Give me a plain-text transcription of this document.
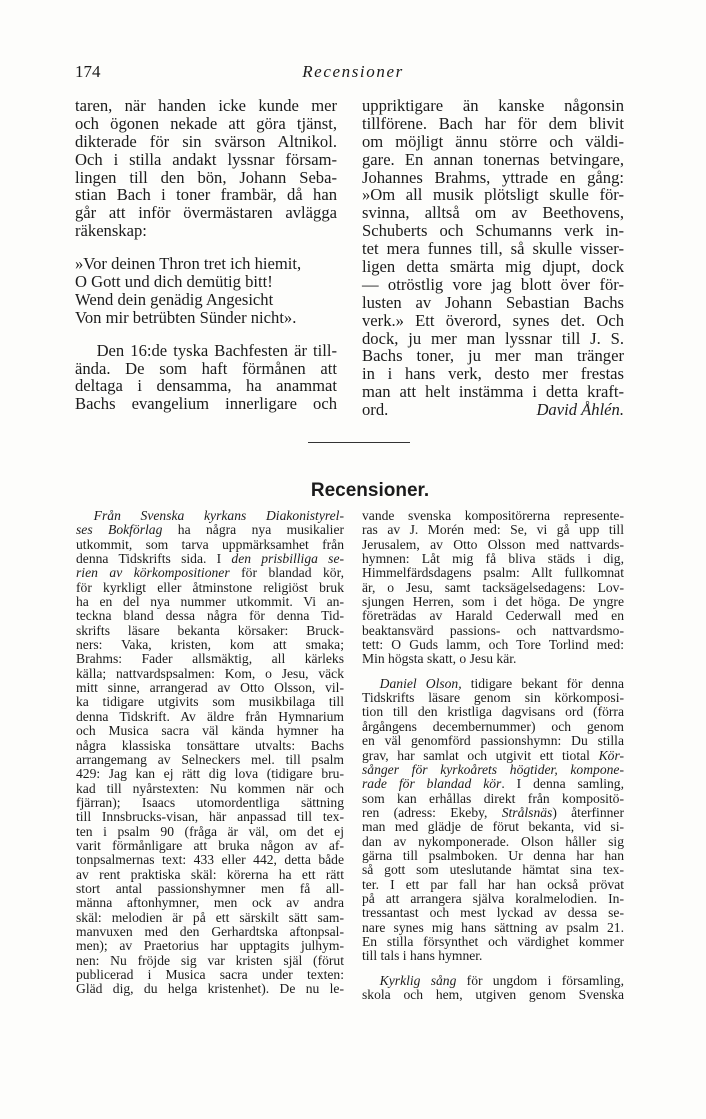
174	Recensioner
taren, när handen icke kunde mer
och ögonen nekade att göra tjänst,
dikterade för sin svärson Altnikol.
Och i stilla andakt lyssnar försam-
lingen till den bön, Johann Seba-
stian Bach i toner frambär, då han
går att inför övermästaren avlägga
räkenskap:
»Vor deinen Thron tret ich hiemit,
O Gott und dich demütig bitt!
Wend dein genädig Angesicht
Von mir betrübten Sünder nicht».
Den 16:de tyska Bachfesten är till-
ända. De som haft förmånen att
deltaga i densamma, ha anammat
Bachs evangelium innerligare och
uppriktigare än kanske någonsin
tillförene. Bach har för dem blivit
om möjligt ännu större och väldi-
gare. En annan tonernas betvingare,
Johannes Brahms, yttrade en gång:
»Om all musik plötsligt skulle för-
svinna, alltså om av Beethovens,
Schuberts och Schumanns verk in-
tet mera funnes till, så skulle visser-
ligen detta smärta mig djupt, dock
— otröstlig vore jag blott över för-
lusten av Johann Sebastian Bachs
verk.» Ett överord, synes det. Och
dock, ju mer man lyssnar till J. S.
Bachs toner, ju mer man tränger
in i hans verk, desto mer frestas
man att helt instämma i detta kraft-
ord.	David Åhlén.
Recensioner.
Från Svenska kyrkans Diakonistyrel-
ses Bokförlag ha några nya musikalier
utkommit, som tarva uppmärksamhet från
denna Tidskrifts sida. I den prisbilliga se-
rien av körkompositioner för blandad kör,
för kyrkligt eller åtminstone religiöst bruk
ha en del nya nummer utkommit. Vi an-
teckna bland dessa några för denna Tid-
skrifts läsare bekanta körsaker: Bruck-
ners: Vaka, kristen, kom att smaka;
Brahms: Fader allsmäktig, all kärleks
källa; nattvardspsalmen: Kom, o Jesu, väck
mitt sinne, arrangerad av Otto Olsson, vil-
ka tidigare utgivits som musikbilaga till
denna Tidskrift. Av äldre från Hymnarium
och Musica sacra väl kända hymner ha
några klassiska tonsättare utvalts: Bachs
arrangemang av Selneckers mel. till psalm
429: Jag kan ej rätt dig lova (tidigare bru-
kad till nyårstexten: Nu kommen när och
fjärran); Isaacs utomordentliga sättning
till Innsbrucks-visan, här anpassad till tex-
ten i psalm 90 (fråga är väl, om det ej
varit förmånligare att bruka någon av af-
tonpsalmernas text: 433 eller 442, detta både
av rent praktiska skäl: körerna ha ett rätt
stort antal passionshymner men få all-
männa aftonhymner, men ock av andra
skäl: melodien är på ett särskilt sätt sam-
manvuxen med den Gerhardtska aftonpsal-
men); av Praetorius har upptagits julhym-
nen: Nu fröjde sig var kristen själ (förut
publicerad i Musica sacra under texten:
Gläd dig, du helga kristenhet). De nu le-
vande svenska kompositörerna represente-
ras av J. Morén med: Se, vi gå upp till
Jerusalem, av Otto Olsson med nattvards-
hymnen: Låt mig få bliva städs i dig,
Himmelfärdsdagens psalm: Allt fullkomnat
är, o Jesu, samt tacksägelsedagens: Lov-
sjungen Herren, som i det höga. De yngre
företrädas av Harald Cederwall med en
beaktansvärd passions- och nattvardsmo-
tett: O Guds lamm, och Tore Torlind med:
Min högsta skatt, o Jesu kär.
Daniel Olson, tidigare bekant för denna
Tidskrifts läsare genom sin körkomposi-
tion till den kristliga dagvisans ord (förra
årgångens decembernummer) och genom
en väl genomförd passionshymn: Du stilla
grav, har samlat och utgivit ett tiotal Kör-
sånger för kyrkoårets högtider, kompone-
rade för blandad kör. I denna samling,
som kan erhållas direkt från kompositö-
ren (adress: Ekeby, Strålsnäs) återfinner
man med glädje de förut bekanta, vid si-
dan av nykomponerade. Olson håller sig
gärna till psalmboken. Ur denna har han
så gott som uteslutande hämtat sina tex-
ter. I ett par fall har han också prövat
på att arrangera själva koralmelodien. In-
tressantast och mest lyckad av dessa se-
nare synes mig hans sättning av psalm 21.
En stilla försynthet och värdighet kommer
till tals i hans hymner.
Kyrklig sång för ungdom i församling,
skola och hem, utgiven genom Svenska
